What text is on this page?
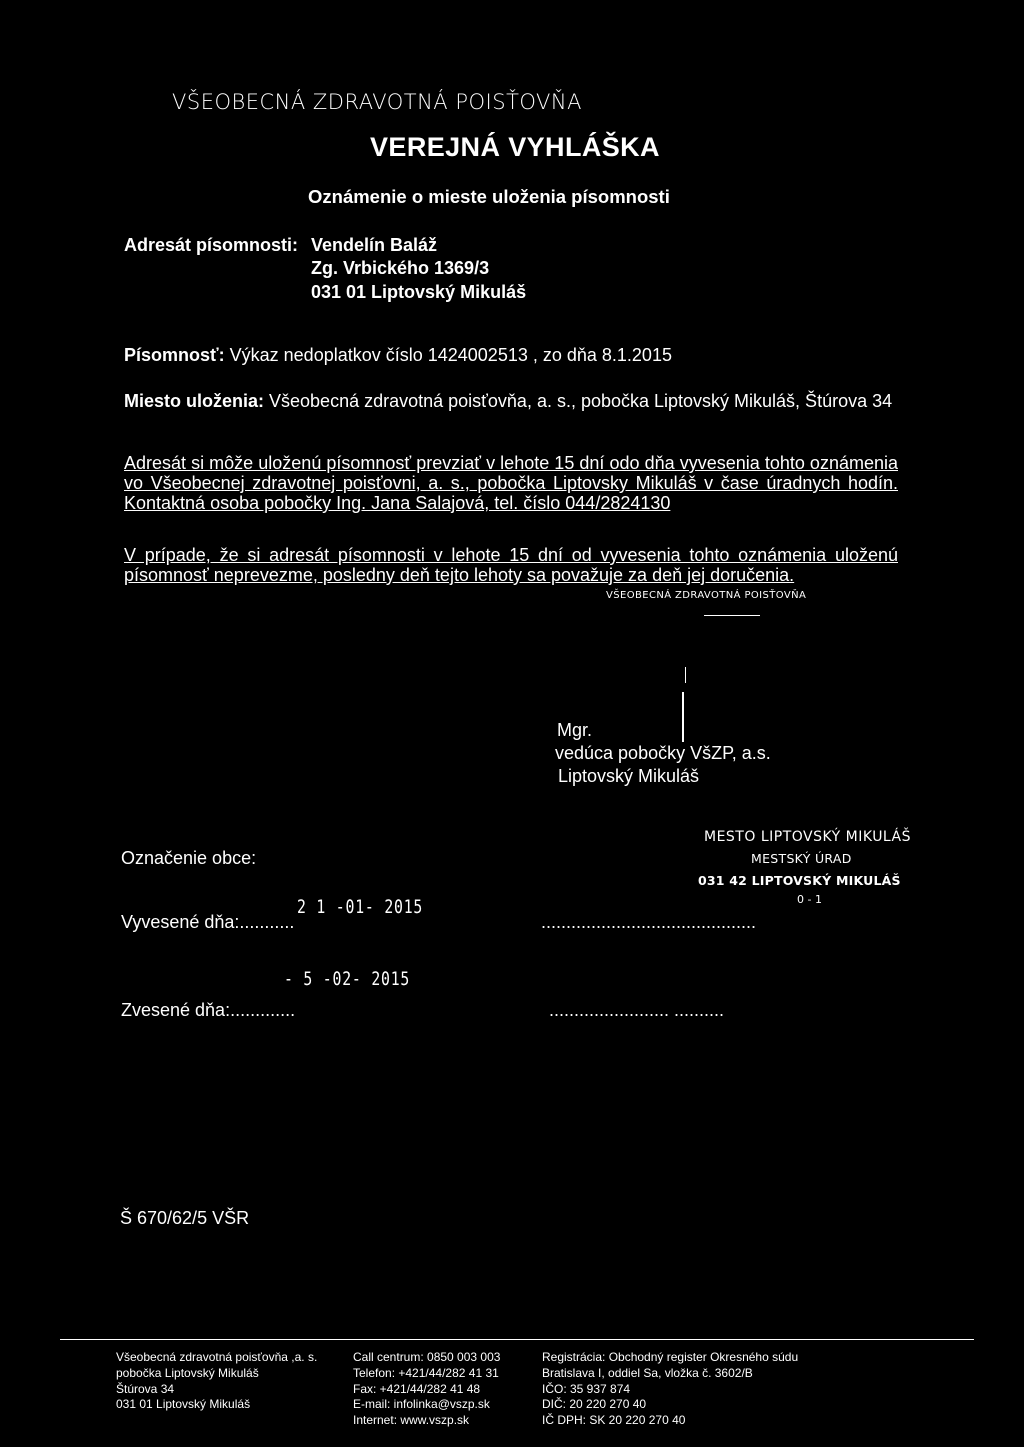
VŠEOBECNÁ ZDRAVOTNÁ POISŤOVŇA
VEREJNÁ VYHLÁŠKA
Oznámenie o mieste uloženia písomnosti
Adresát písomnosti: Vendelín Baláž
Zg. Vrbického 1369/3
031 01 Liptovský Mikuláš
Písomnosť: Výkaz nedoplatkov číslo 1424002513 , zo dňa 8.1.2015
Miesto uloženia: Všeobecná zdravotná poisťovňa, a. s., pobočka Liptovský Mikuláš, Štúrova 34
Adresát si môže uloženú písomnosť prevziať v lehote 15 dní odo dňa vyvesenia tohto oznámenia vo Všeobecnej zdravotnej poisťovni, a. s., pobočka Liptovsky Mikuláš v čase úradnych hodín. Kontaktná osoba pobočky Ing. Jana Salajová, tel. číslo 044/2824130
V prípade, že si adresát písomnosti v lehote 15 dní od vyvesenia tohto oznámenia uloženú písomnosť neprevezme, posledny deň tejto lehoty sa považuje za deň jej doručenia.
VŠEOBECNÁ ZDRAVOTNÁ POISŤOVŇA
Mgr.
vedúca pobočky VšZP, a.s.
Liptovský Mikuláš
Označenie obce:
Vyvesené dňa:...........	...........................................
2 1 -01- 2015
Zvesené dňa:.............	........................ ..........
- 5 -02- 2015
MESTO LIPTOVSKÝ MIKULÁŠ
MESTSKÝ ÚRAD
031 42 LIPTOVSKÝ MIKULÁŠ
0 - 1
Š 670/62/5 VŠR
Všeobecná zdravotná poisťovňa ,a. s.
pobočka Liptovský Mikuláš
Štúrova 34
031 01 Liptovský Mikuláš
Call centrum: 0850 003 003
Telefon: +421/44/282 41 31
Fax: +421/44/282 41 48
E-mail: infolinka@vszp.sk
Internet: www.vszp.sk
Registrácia: Obchodný register Okresného súdu
Bratislava I, oddiel Sa, vložka č. 3602/B
IČO: 35 937 874
DIČ: 20 220 270 40
IČ DPH: SK 20 220 270 40
